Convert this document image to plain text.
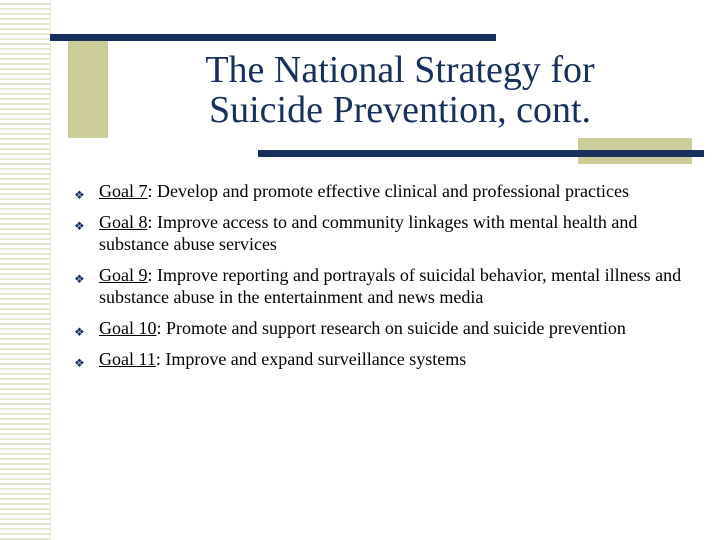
The National Strategy for
Suicide Prevention, cont.
❖ Goal 7: Develop and promote effective clinical and professional practices
❖ Goal 8: Improve access to and community linkages with mental health and substance abuse services
❖ Goal 9: Improve reporting and portrayals of suicidal behavior, mental illness and substance abuse in the entertainment and news media
❖ Goal 10: Promote and support research on suicide and suicide prevention
❖ Goal 11: Improve and expand surveillance systems
